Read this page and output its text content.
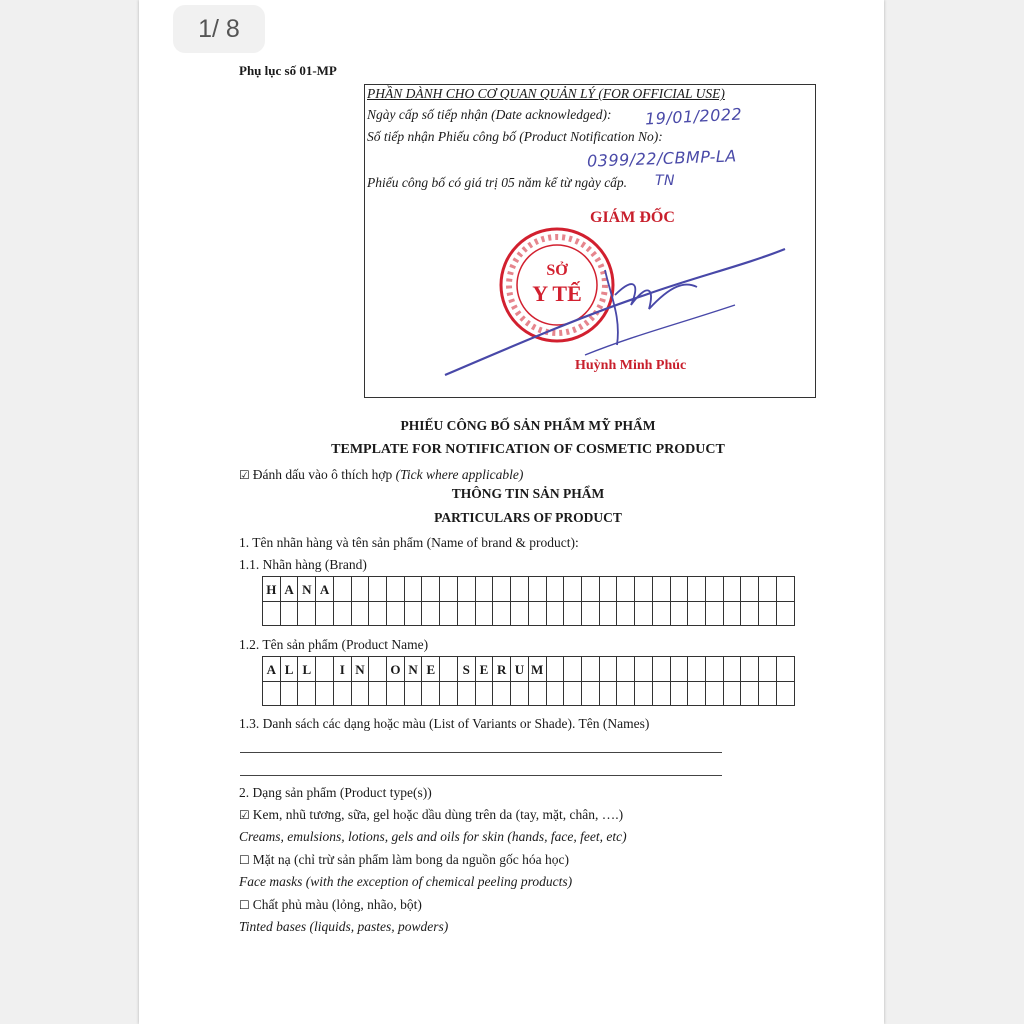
1/ 8
Phụ lục số 01-MP
PHẦN DÀNH CHO CƠ QUAN QUẢN LÝ (FOR OFFICIAL USE)
Ngày cấp số tiếp nhận (Date acknowledged): 19/01/2022
Số tiếp nhận Phiếu công bố (Product Notification No):
0399/22/CBMP-LA
Phiếu công bố có giá trị 05 năm kể từ ngày cấp. TN
GIÁM ĐỐC
SỞ
Y TẾ
Huỳnh Minh Phúc
PHIẾU CÔNG BỐ SẢN PHẨM MỸ PHẨM
TEMPLATE FOR NOTIFICATION OF COSMETIC PRODUCT
☑ Đánh dấu vào ô thích hợp (Tick where applicable)
THÔNG TIN SẢN PHẨM
PARTICULARS OF PRODUCT
1. Tên nhãn hàng và tên sản phẩm (Name of brand & product):
1.1. Nhãn hàng (Brand)
H A N A
1.2. Tên sản phẩm (Product Name)
A L L	I N	O N E	S E R U M
1.3. Danh sách các dạng hoặc màu (List of Variants or Shade). Tên (Names)
2. Dạng sản phẩm (Product type(s))
☑ Kem, nhũ tương, sữa, gel hoặc dầu dùng trên da (tay, mặt, chân, ….)
Creams, emulsions, lotions, gels and oils for skin (hands, face, feet, etc)
☐ Mặt nạ (chỉ trừ sản phẩm làm bong da nguồn gốc hóa học)
Face masks (with the exception of chemical peeling products)
☐ Chất phủ màu (lỏng, nhão, bột)
Tinted bases (liquids, pastes, powders)
